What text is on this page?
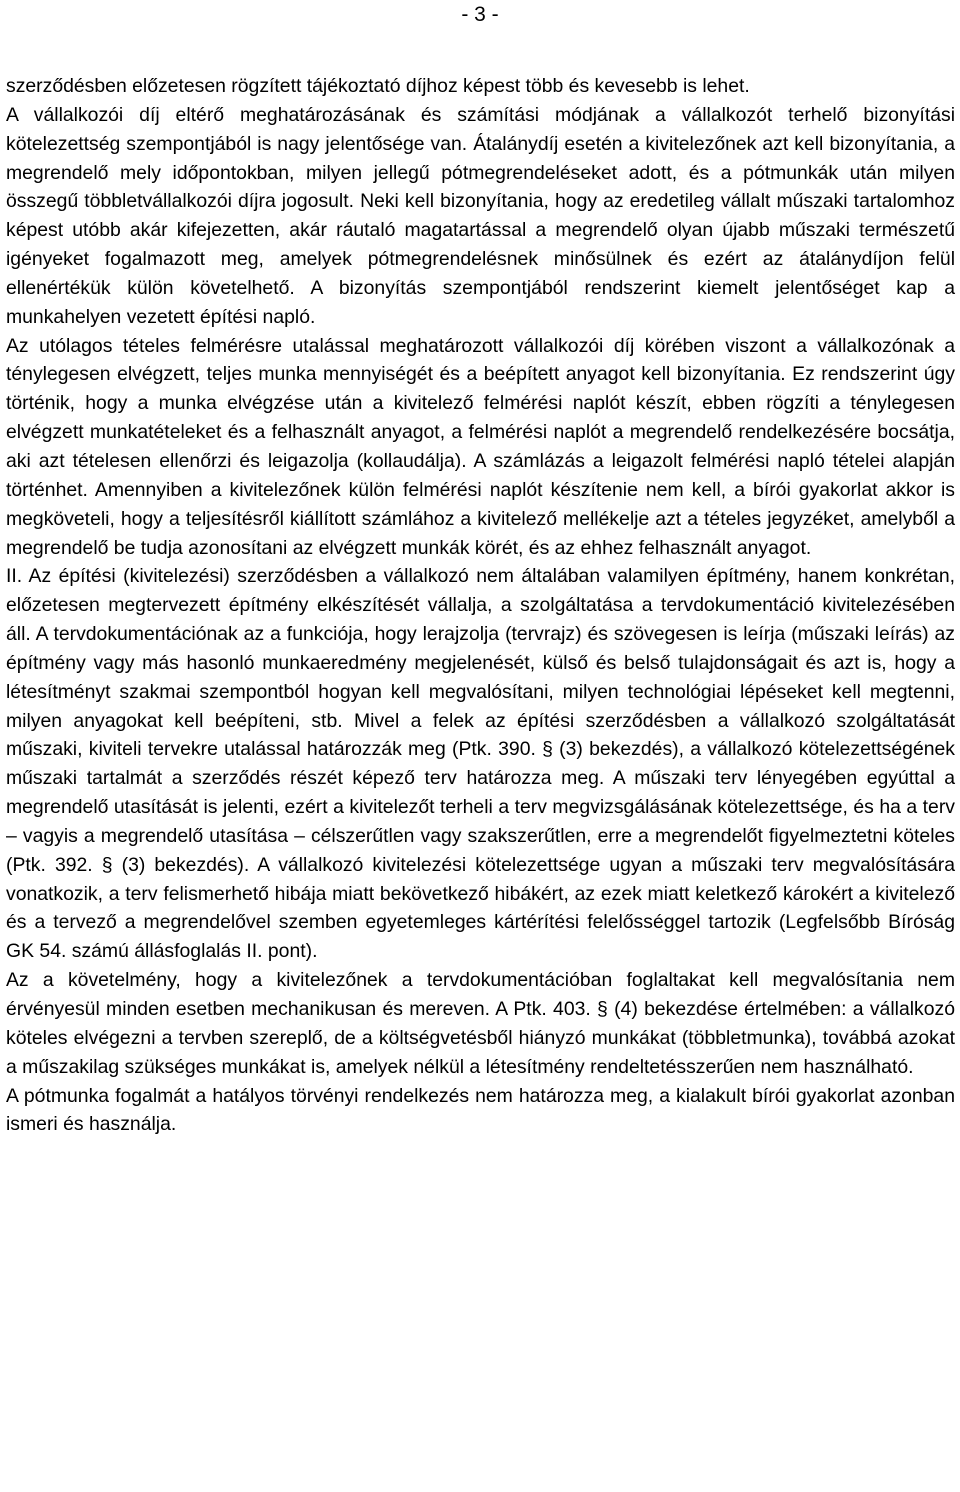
- 3 -

szerződésben előzetesen rögzített tájékoztató díjhoz képest több és kevesebb is lehet.

A vállalkozói díj eltérő meghatározásának és számítási módjának a vállalkozót terhelő bizonyítási kötelezettség szempontjából is nagy jelentősége van. Átalánydíj esetén a kivitelezőnek azt kell bizonyítania, a megrendelő mely időpontokban, milyen jellegű pótmegrendeléseket adott, és a pótmunkák után milyen összegű többletvállalkozói díjra jogosult. Neki kell bizonyítania, hogy az eredetileg vállalt műszaki tartalomhoz képest utóbb akár kifejezetten, akár ráutaló magatartással a megrendelő olyan újabb műszaki természetű igényeket fogalmazott meg, amelyek pótmegrendelésnek minősülnek és ezért az átalánydíjon felül ellenértékük külön követelhető. A bizonyítás szempontjából rendszerint kiemelt jelentőséget kap a munkahelyen vezetett építési napló.

Az utólagos tételes felmérésre utalással meghatározott vállalkozói díj körében viszont a vállalkozónak a ténylegesen elvégzett, teljes munka mennyiségét és a beépített anyagot kell bizonyítania. Ez rendszerint úgy történik, hogy a munka elvégzése után a kivitelező felmérési naplót készít, ebben rögzíti a ténylegesen elvégzett munkatételeket és a felhasznált anyagot, a felmérési naplót a megrendelő rendelkezésére bocsátja, aki azt tételesen ellenőrzi és leigazolja (kollaudálja). A számlázás a leigazolt felmérési napló tételei alapján történhet. Amennyiben a kivitelezőnek külön felmérési naplót készítenie nem kell, a bírói gyakorlat akkor is megköveteli, hogy a teljesítésről kiállított számlához a kivitelező mellékelje azt a tételes jegyzéket, amelyből a megrendelő be tudja azonosítani az elvégzett munkák körét, és az ehhez felhasznált anyagot.

II. Az építési (kivitelezési) szerződésben a vállalkozó nem általában valamilyen építmény, hanem konkrétan, előzetesen megtervezett építmény elkészítését vállalja, a szolgáltatása a tervdokumentáció kivitelezésében áll. A tervdokumentációnak az a funkciója, hogy lerajzolja (tervrajz) és szövegesen is leírja (műszaki leírás) az építmény vagy más hasonló munkaeredmény megjelenését, külső és belső tulajdonságait és azt is, hogy a létesítményt szakmai szempontból hogyan kell megvalósítani, milyen technológiai lépéseket kell megtenni, milyen anyagokat kell beépíteni, stb. Mivel a felek az építési szerződésben a vállalkozó szolgáltatását műszaki, kiviteli tervekre utalással határozzák meg (Ptk. 390. § (3) bekezdés), a vállalkozó kötelezettségének műszaki tartalmát a szerződés részét képező terv határozza meg. A műszaki terv lényegében egyúttal a megrendelő utasítását is jelenti, ezért a kivitelezőt terheli a terv megvizsgálásának kötelezettsége, és ha a terv – vagyis a megrendelő utasítása – célszerűtlen vagy szakszerűtlen, erre a megrendelőt figyelmeztetni köteles (Ptk. 392. § (3) bekezdés). A vállalkozó kivitelezési kötelezettsége ugyan a műszaki terv megvalósítására vonatkozik, a terv felismerhető hibája miatt bekövetkező hibákért, az ezek miatt keletkező károkért a kivitelező és a tervező a megrendelővel szemben egyetemleges kártérítési felelősséggel tartozik (Legfelsőbb Bíróság GK 54. számú állásfoglalás II. pont).

Az a követelmény, hogy a kivitelezőnek a tervdokumentációban foglaltakat kell megvalósítania nem érvényesül minden esetben mechanikusan és mereven. A Ptk. 403. § (4) bekezdése értelmében: a vállalkozó köteles elvégezni a tervben szereplő, de a költségvetésből hiányzó munkákat (többletmunka), továbbá azokat a műszakilag szükséges munkákat is, amelyek nélkül a létesítmény rendeltetésszerűen nem használható.

A pótmunka fogalmát a hatályos törvényi rendelkezés nem határozza meg, a kialakult bírói gyakorlat azonban ismeri és használja.
